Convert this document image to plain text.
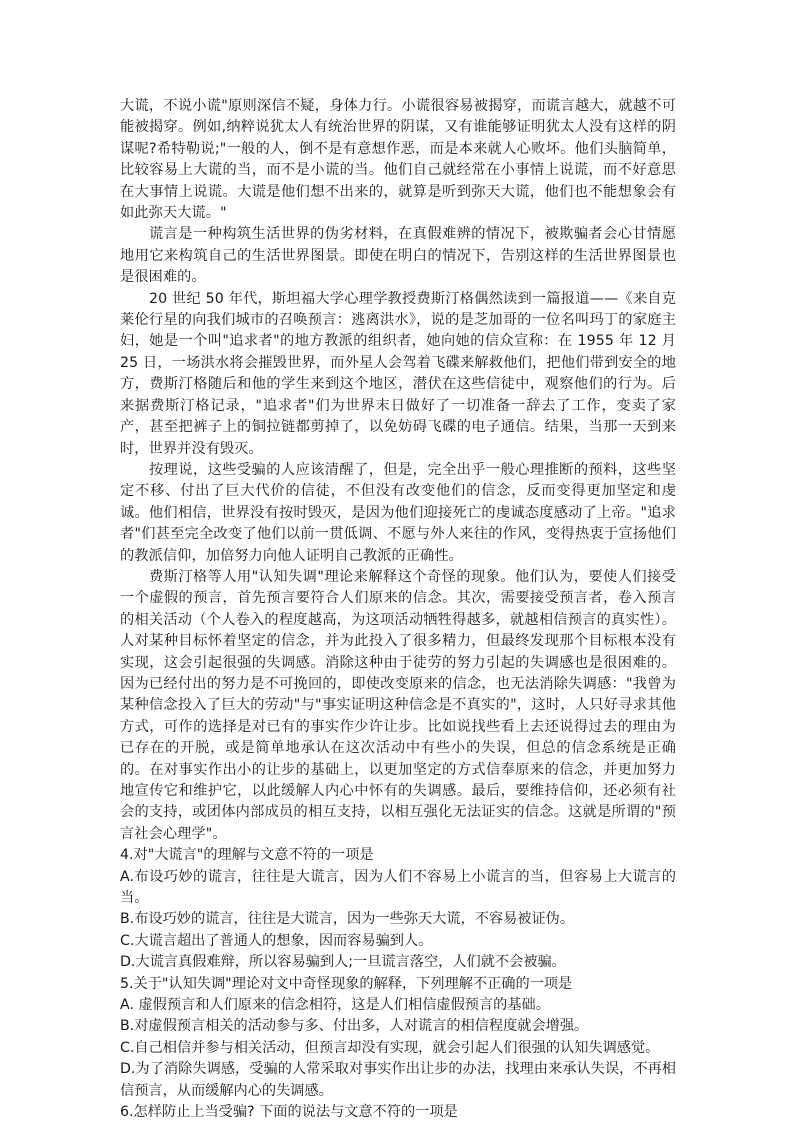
大谎，不说小谎"原则深信不疑，身体力行。小谎很容易被揭穿，而谎言越大，就越不可能被揭穿。例如,纳粹说犹太人有统治世界的阴谋，又有谁能够证明犹太人没有这样的阴谋呢?希特勒说;"一般的人，倒不是有意想作恶，而是本来就人心败坏。他们头脑简单，比较容易上大谎的当，而不是小谎的当。他们自己就经常在小事情上说谎，而不好意思在大事情上说谎。大谎是他们想不出来的，就算是听到弥天大谎，他们也不能想象会有如此弥天大谎。"

谎言是一种构筑生活世界的伪劣材料，在真假难辨的情况下，被欺骗者会心甘情愿地用它来构筑自己的生活世界图景。即使在明白的情况下，告别这样的生活世界图景也是很困难的。

20 世纪 50 年代，斯坦福大学心理学教授费斯汀格偶然读到一篇报道——《来自克莱伦行星的向我们城市的召唤预言：逃离洪水》，说的是芝加哥的一位名叫玛丁的家庭主妇，她是一个叫"追求者"的地方教派的组织者，她向她的信众宣称：在 1955 年 12 月 25 日，一场洪水将会摧毁世界，而外星人会驾着飞碟来解救他们，把他们带到安全的地方，费斯汀格随后和他的学生来到这个地区，潜伏在这些信徒中，观察他们的行为。后来据费斯汀格记录，"追求者"们为世界末日做好了一切准备一辞去了工作，变卖了家产，甚至把裤子上的铜拉链都剪掉了，以免妨碍飞碟的电子通信。结果，当那一天到来时，世界并没有毁灭。

按理说，这些受骗的人应该清醒了，但是，完全出乎一般心理推断的预料，这些坚定不移、付出了巨大代价的信徒，不但没有改变他们的信念，反而变得更加坚定和虔诚。他们相信，世界没有按时毁灭，是因为他们迎接死亡的虔诚态度感动了上帝。"追求者"们甚至完全改变了他们以前一贯低调、不愿与外人来往的作风，变得热衷于宣扬他们的教派信仰，加倍努力向他人证明自己教派的正确性。

费斯汀格等人用"认知失调"理论来解释这个奇怪的现象。他们认为，要使人们接受一个虚假的预言，首先预言要符合人们原来的信念。其次，需要接受预言者，卷入预言的相关活动（个人卷入的程度越高，为这项活动牺牲得越多，就越相信预言的真实性）。人对某种目标怀着坚定的信念，并为此投入了很多精力，但最终发现那个目标根本没有实现，这会引起很强的失调感。消除这种由于徒劳的努力引起的失调感也是很困难的。因为已经付出的努力是不可挽回的，即使改变原来的信念，也无法消除失调感："我曾为某种信念投入了巨大的劳动"与"事实证明这种信念是不真实的"，这时，人只好寻求其他方式，可作的选择是对已有的事实作少许让步。比如说找些看上去还说得过去的理由为已存在的开脱，或是简单地承认在这次活动中有些小的失误，但总的信念系统是正确的。在对事实作出小的让步的基础上，以更加坚定的方式信奉原来的信念，并更加努力地宣传它和维护它，以此缓解人内心中怀有的失调感。最后，要维持信仰，还必须有社会的支持，或团体内部成员的相互支持，以相互强化无法证实的信念。这就是所谓的"预言社会心理学"。

4.对"大谎言"的理解与文意不符的一项是

A.布设巧妙的谎言，往往是大谎言，因为人们不容易上小谎言的当，但容易上大谎言的当。

B.布设巧妙的谎言，往往是大谎言，因为一些弥天大谎，不容易被证伪。

C.大谎言超出了普通人的想象，因而容易骗到人。

D.大谎言真假难辩，所以容易骗到人;一旦谎言落空，人们就不会被骗。

5.关于"认知失调"理论对文中奇怪现象的解释，下列理解不正确的一项是

A. 虚假预言和人们原来的信念相符，这是人们相信虚假预言的基础。

B.对虚假预言相关的活动参与多、付出多，人对谎言的相信程度就会增强。

C.自己相信并参与相关活动，但预言却没有实现，就会引起人们很强的认知失调感觉。

D.为了消除失调感，受骗的人常采取对事实作出让步的办法，找理由来承认失误，不再相信预言，从而缓解内心的失调感。

6.怎样防止上当受骗? 下面的说法与文意不符的一项是
